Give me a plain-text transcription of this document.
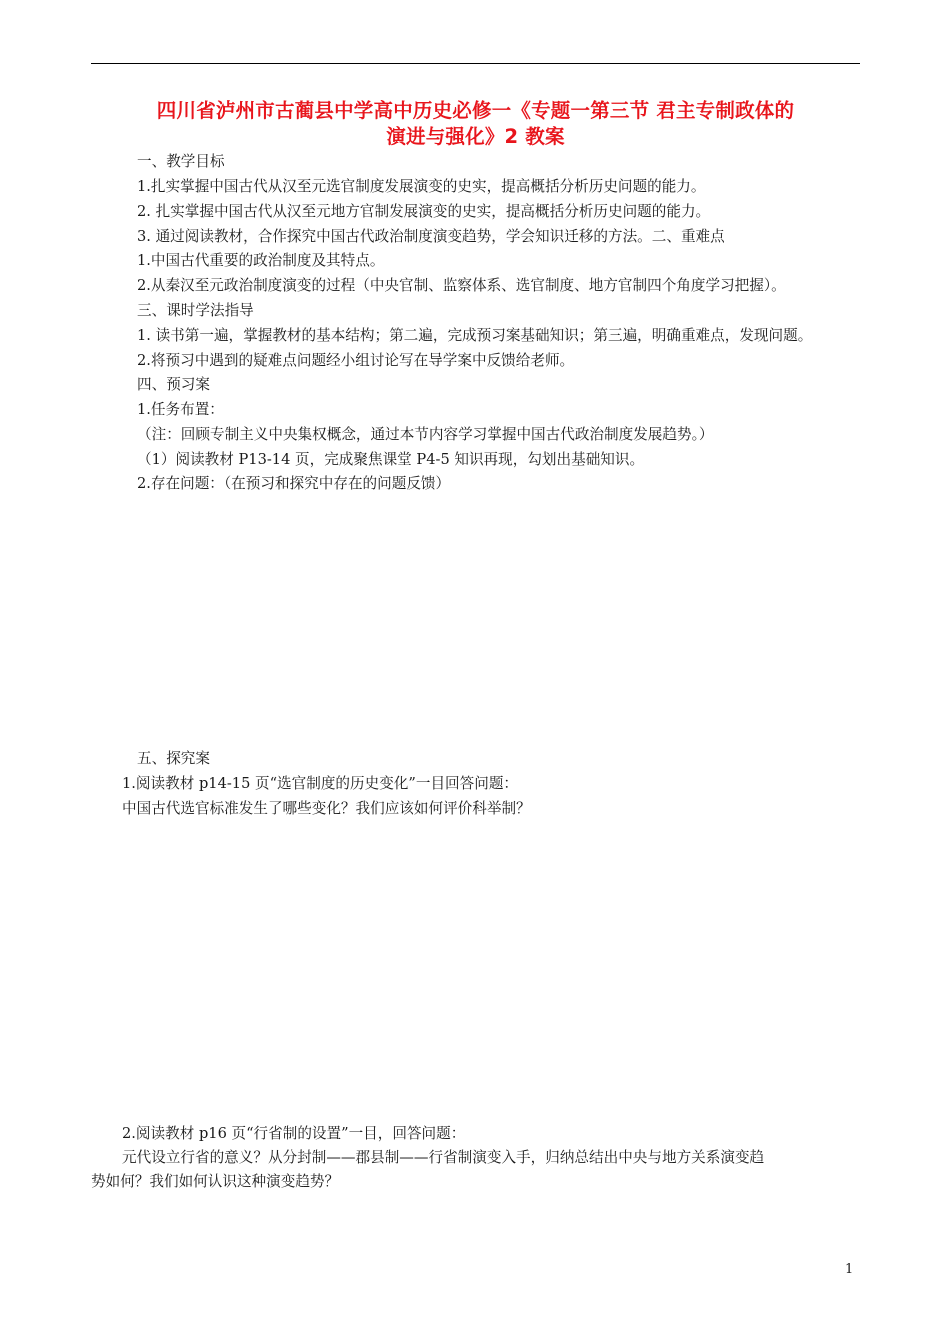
四川省泸州市古蔺县中学高中历史必修一《专题一第三节 君主专制政体的
演进与强化》2 教案
一、教学目标
1.扎实掌握中国古代从汉至元选官制度发展演变的史实，提高概括分析历史问题的能力。
2. 扎实掌握中国古代从汉至元地方官制发展演变的史实，提高概括分析历史问题的能力。
3. 通过阅读教材，合作探究中国古代政治制度演变趋势，学会知识迁移的方法。二、重难点
1.中国古代重要的政治制度及其特点。
2.从秦汉至元政治制度演变的过程（中央官制、监察体系、选官制度、地方官制四个角度学习把握）。
三、课时学法指导
1. 读书第一遍，掌握教材的基本结构；第二遍，完成预习案基础知识；第三遍，明确重难点，发现问题。
2.将预习中遇到的疑难点问题经小组讨论写在导学案中反馈给老师。
四、预习案
1.任务布置：
（注：回顾专制主义中央集权概念，通过本节内容学习掌握中国古代政治制度发展趋势。）
（1）阅读教材 P13-14 页，完成聚焦课堂 P4-5 知识再现，勾划出基础知识。
2.存在问题：（在预习和探究中存在的问题反馈）
五、探究案
1.阅读教材 p14-15 页“选官制度的历史变化”一目回答问题：
中国古代选官标准发生了哪些变化？我们应该如何评价科举制？
2.阅读教材 p16 页“行省制的设置”一目，回答问题：
元代设立行省的意义？从分封制——郡县制——行省制演变入手，归纳总结出中央与地方关系演变趋
势如何？我们如何认识这种演变趋势？
1
